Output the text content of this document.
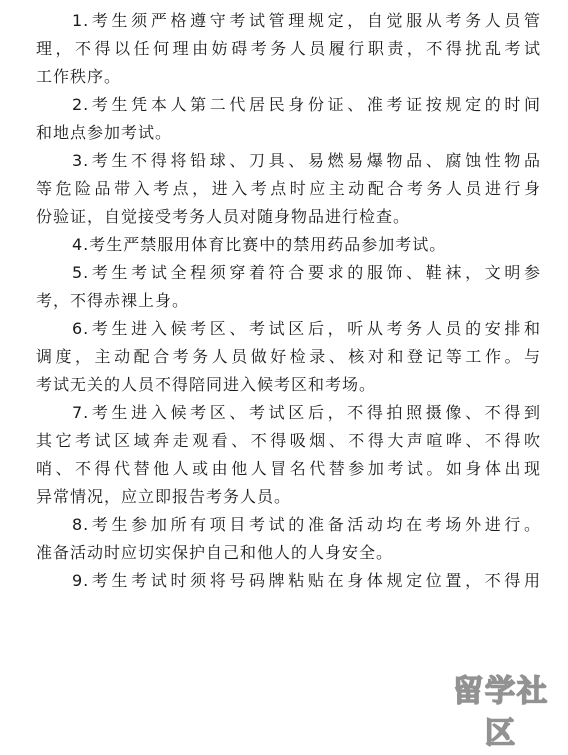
1.考生须严格遵守考试管理规定，自觉服从考务人员管
理，不得以任何理由妨碍考务人员履行职责，不得扰乱考试
工作秩序。
2.考生凭本人第二代居民身份证、准考证按规定的时间
和地点参加考试。
3.考生不得将铅球、刀具、易燃易爆物品、腐蚀性物品
等危险品带入考点，进入考点时应主动配合考务人员进行身
份验证，自觉接受考务人员对随身物品进行检查。
4.考生严禁服用体育比赛中的禁用药品参加考试。
5.考生考试全程须穿着符合要求的服饰、鞋袜，文明参
考，不得赤裸上身。
6.考生进入候考区、考试区后，听从考务人员的安排和
调度，主动配合考务人员做好检录、核对和登记等工作。与
考试无关的人员不得陪同进入候考区和考场。
7.考生进入候考区、考试区后，不得拍照摄像、不得到
其它考试区域奔走观看、不得吸烟、不得大声喧哗、不得吹
哨、不得代替他人或由他人冒名代替参加考试。如身体出现
异常情况，应立即报告考务人员。
8.考生参加所有项目考试的准备活动均在考场外进行。
准备活动时应切实保护自己和他人的人身安全。
9.考生考试时须将号码牌粘贴在身体规定位置，不得用
留学社区
